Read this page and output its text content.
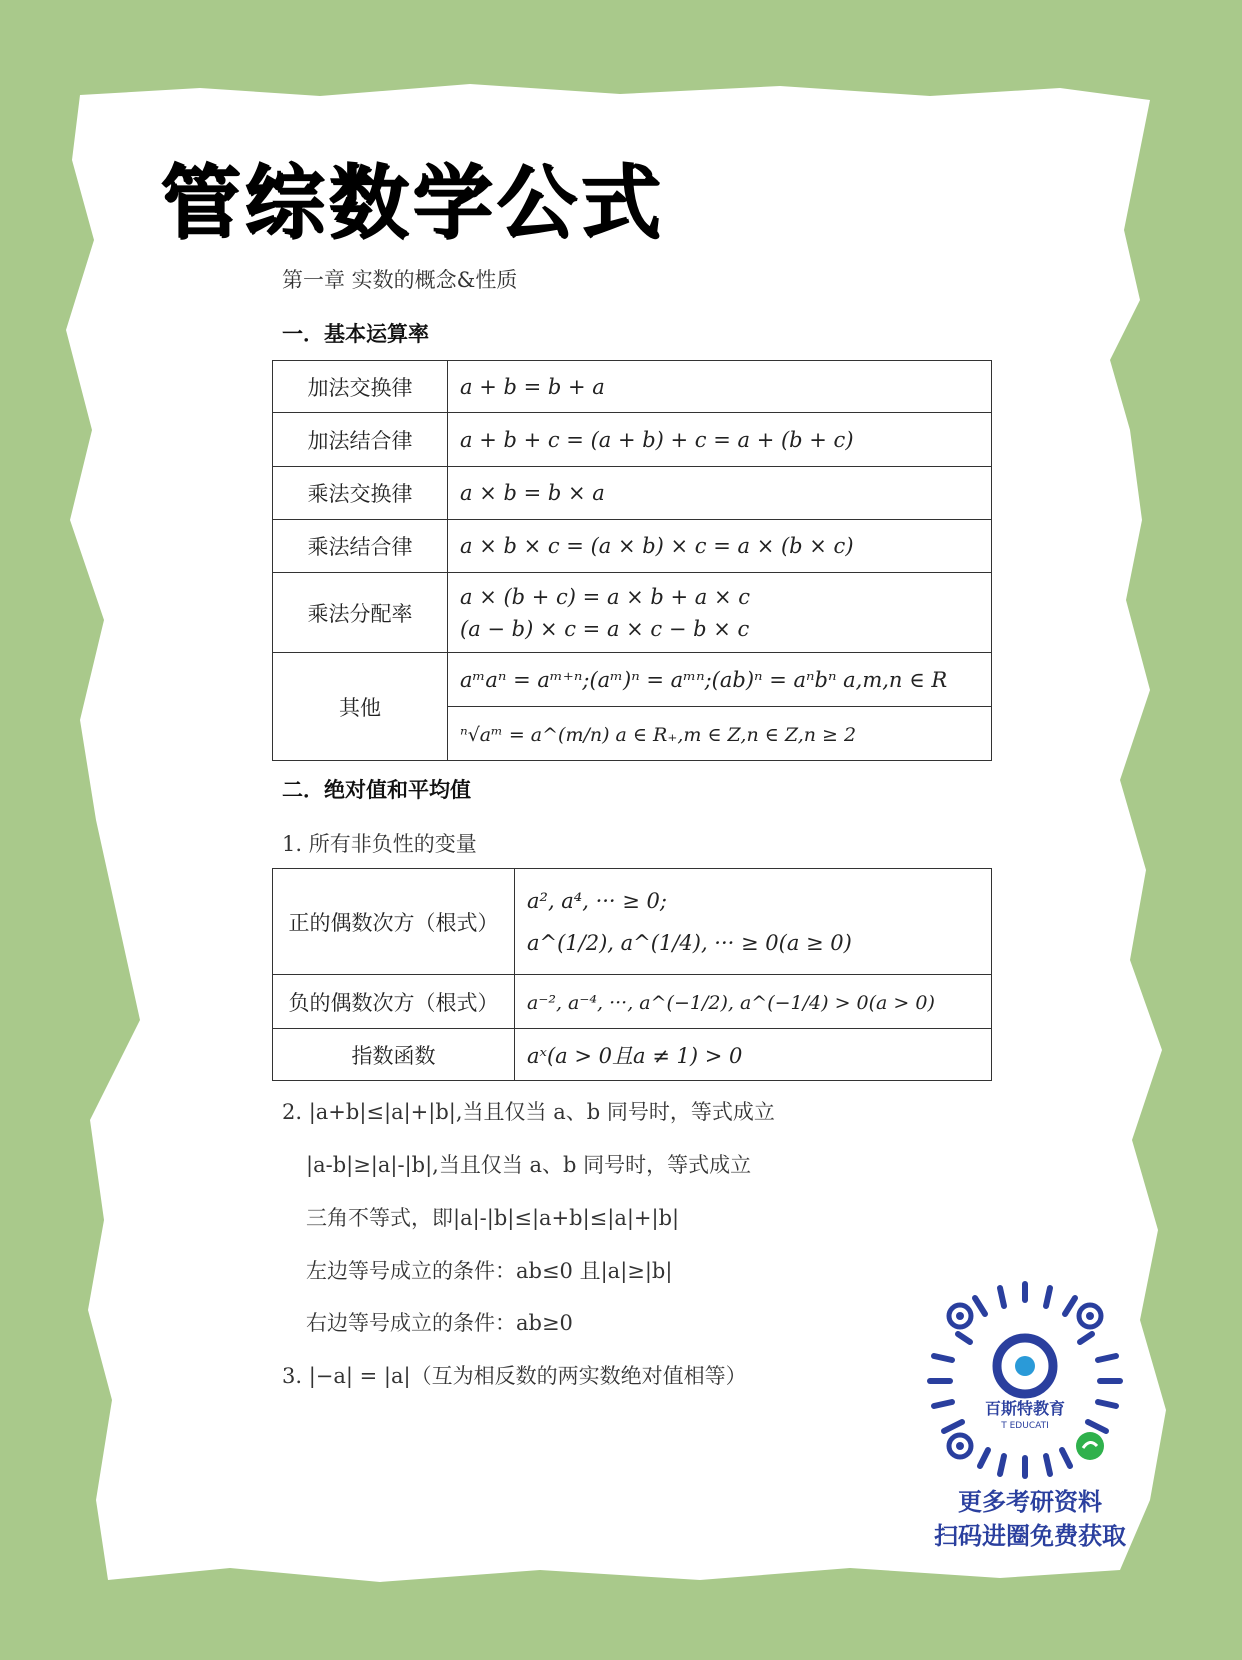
管综数学公式
第一章 实数的概念&性质
一．基本运算率
加法交换律	a + b = b + a
加法结合律	a + b + c = (a + b) + c = a + (b + c)
乘法交换律	a × b = b × a
乘法结合律	a × b × c = (a × b) × c = a × (b × c)
乘法分配率	a × (b + c) = a × b + a × c
(a − b) × c = a × c − b × c

其他	aᵐaⁿ = aᵐ⁺ⁿ;(aᵐ)ⁿ = aᵐⁿ;(ab)ⁿ = aⁿbⁿ a,m,n ∈ R
	ⁿ√aᵐ = a^(m/n) a ∈ R₊,m ∈ Z,n ∈ Z,n ≥ 2
二．绝对值和平均值
1. 所有非负性的变量
正的偶数次方（根式）	a², a⁴, ··· ≥ 0;
a^(1/2), a^(1/4), ··· ≥ 0(a ≥ 0)

负的偶数次方（根式）	a⁻², a⁻⁴, ···, a^(−1/2), a^(−1/4) > 0(a > 0)
指数函数	aˣ(a > 0且a ≠ 1) > 0
2. |a+b|≤|a|+|b|,当且仅当 a、b 同号时，等式成立
|a-b|≥|a|-|b|,当且仅当 a、b 同号时，等式成立
三角不等式，即|a|-|b|≤|a+b|≤|a|+|b|
左边等号成立的条件：ab≤0 且|a|≥|b|
右边等号成立的条件：ab≥0
3. |−a| = |a|（互为相反数的两实数绝对值相等）
百斯特教育
T EDUCATI
更多考研资料
扫码进圈免费获取
